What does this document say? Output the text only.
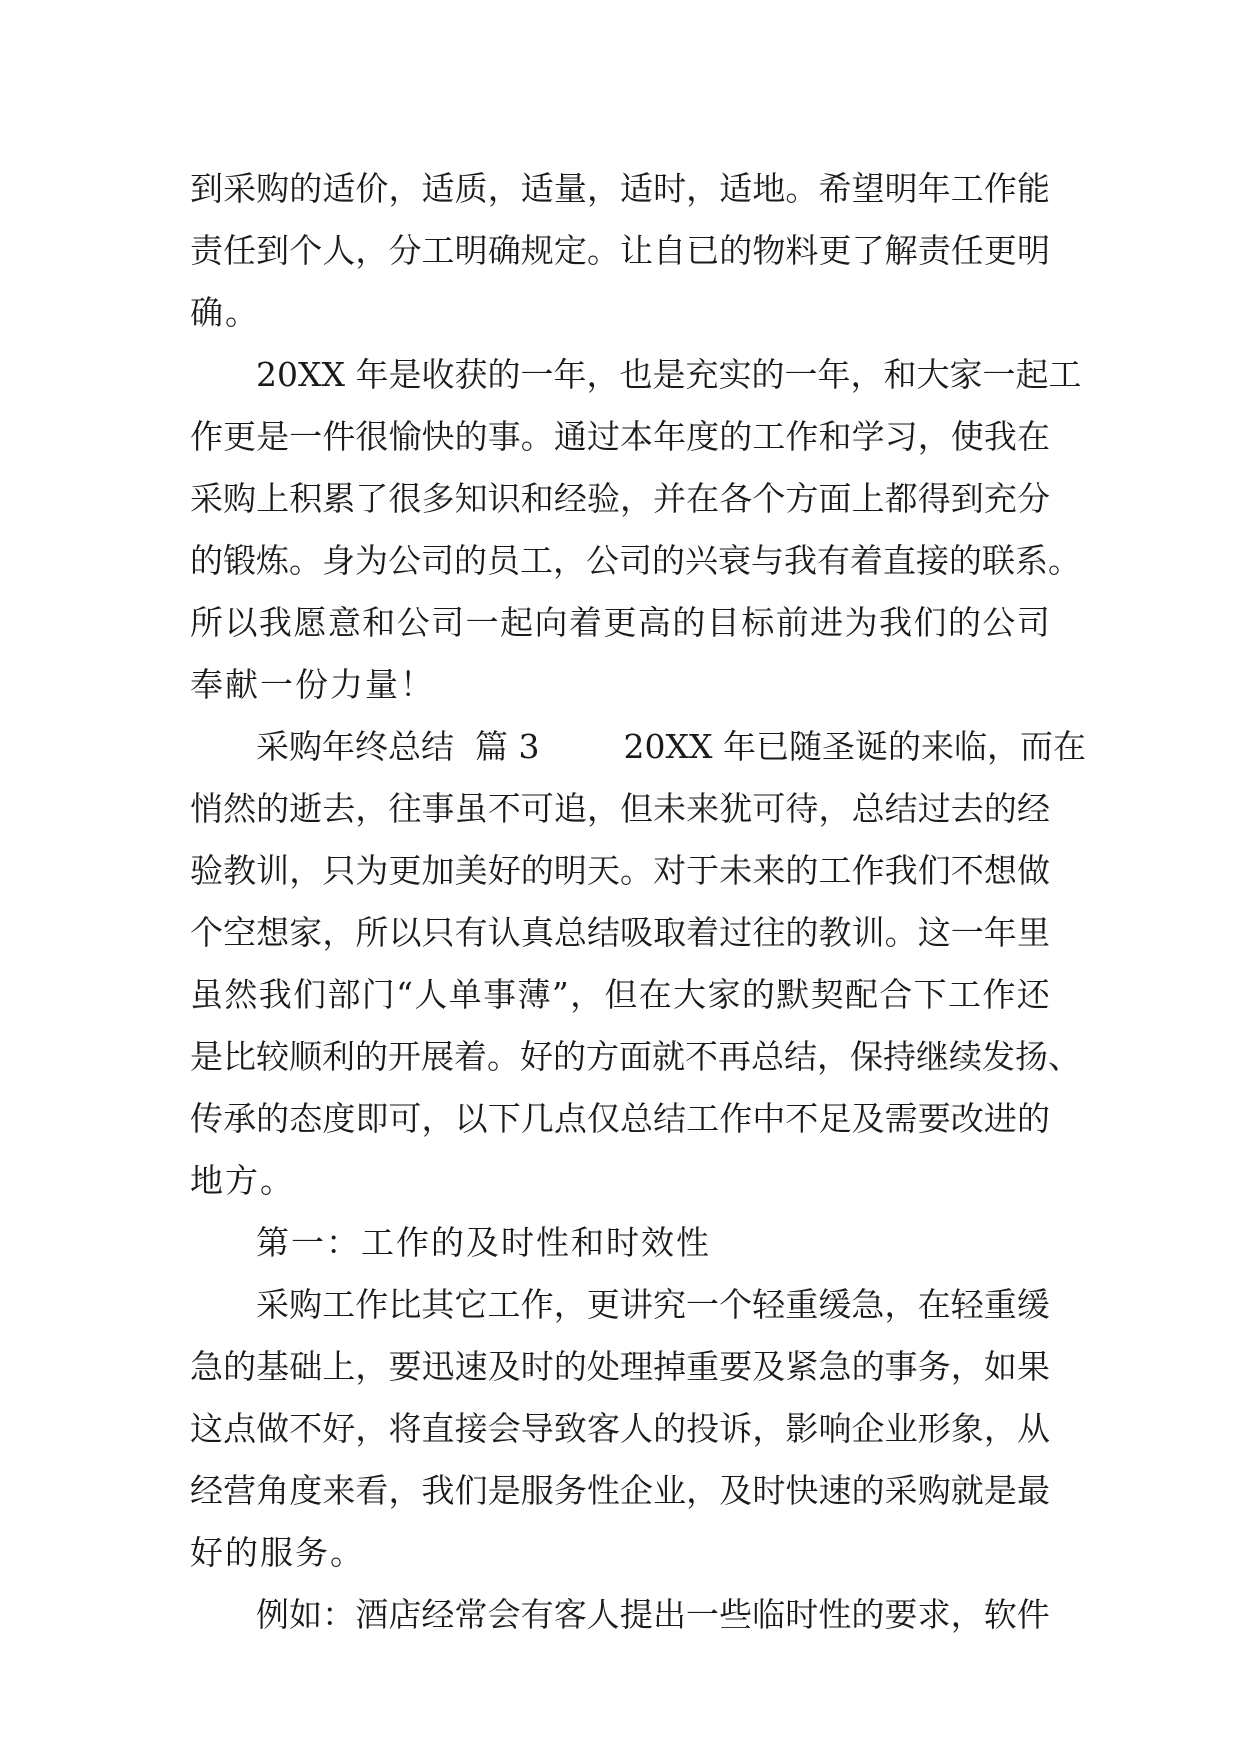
到 采 购 的 适 价 ， 适 质 ， 适 量 ， 适 时 ， 适 地 。 希 望 明 年 工 作 能
责 任 到 个 人 ， 分 工 明 确 规 定 。 让 自 已 的 物 料 更 了 解 责 任 更 明
确。
2 0 X X
年 是 收 获 的 一 年 ， 也 是 充 实 的 一 年 ， 和 大 家 一 起 工
作 更 是 一 件 很 愉 快 的 事 。 通 过 本 年 度 的 工 作 和 学 习 ， 使 我 在
采 购 上 积 累 了 很 多 知 识 和 经 验 ， 并 在 各 个 方 面 上 都 得 到 充 分
的 锻 炼 。 身 为 公 司 的 员 工 ， 公 司 的 兴 衰 与 我 有 着 直 接 的 联 系 。
所 以 我 愿 意 和 公 司 一 起 向 着 更 高 的 目 标 前 进 为 我 们 的 公 司
奉献一份力量！
采 购 年 终 总 结

篇
3

	2 0 X X
年 已 随 圣 诞 的 来 临 ， 而 在
悄 然 的 逝 去 ， 往 事 虽 不 可 追 ， 但 未 来 犹 可 待 ， 总 结 过 去 的 经
验 教 训 ， 只 为 更 加 美 好 的 明 天 。 对 于 未 来 的 工 作 我 们 不 想 做
个 空 想 家 ， 所 以 只 有 认 真 总 结 吸 取 着 过 往 的 教 训 。 这 一 年 里
虽 然 我 们 部 门 “ 人 单 事 薄 ” ， 但 在 大 家 的 默 契 配 合 下 工 作 还
是 比 较 顺 利 的 开 展 着 。 好 的 方 面 就 不 再 总 结 ， 保 持 继 续 发 扬 、
传 承 的 态 度 即 可 ， 以 下 几 点 仅 总 结 工 作 中 不 足 及 需 要 改 进 的
地方。
第一：工作的及时性和时效性
采 购 工 作 比 其 它 工 作 ， 更 讲 究 一 个 轻 重 缓 急 ， 在 轻 重 缓
急 的 基 础 上 ， 要 迅 速 及 时 的 处 理 掉 重 要 及 紧 急 的 事 务 ， 如 果
这 点 做 不 好 ， 将 直 接 会 导 致 客 人 的 投 诉 ， 影 响 企 业 形 象 ， 从
经 营 角 度 来 看 ， 我 们 是 服 务 性 企 业 ， 及 时 快 速 的 采 购 就 是 最
好的服务。
例 如 ： 酒 店 经 常 会 有 客 人 提 出 一 些 临 时 性 的 要 求 ， 软 件
